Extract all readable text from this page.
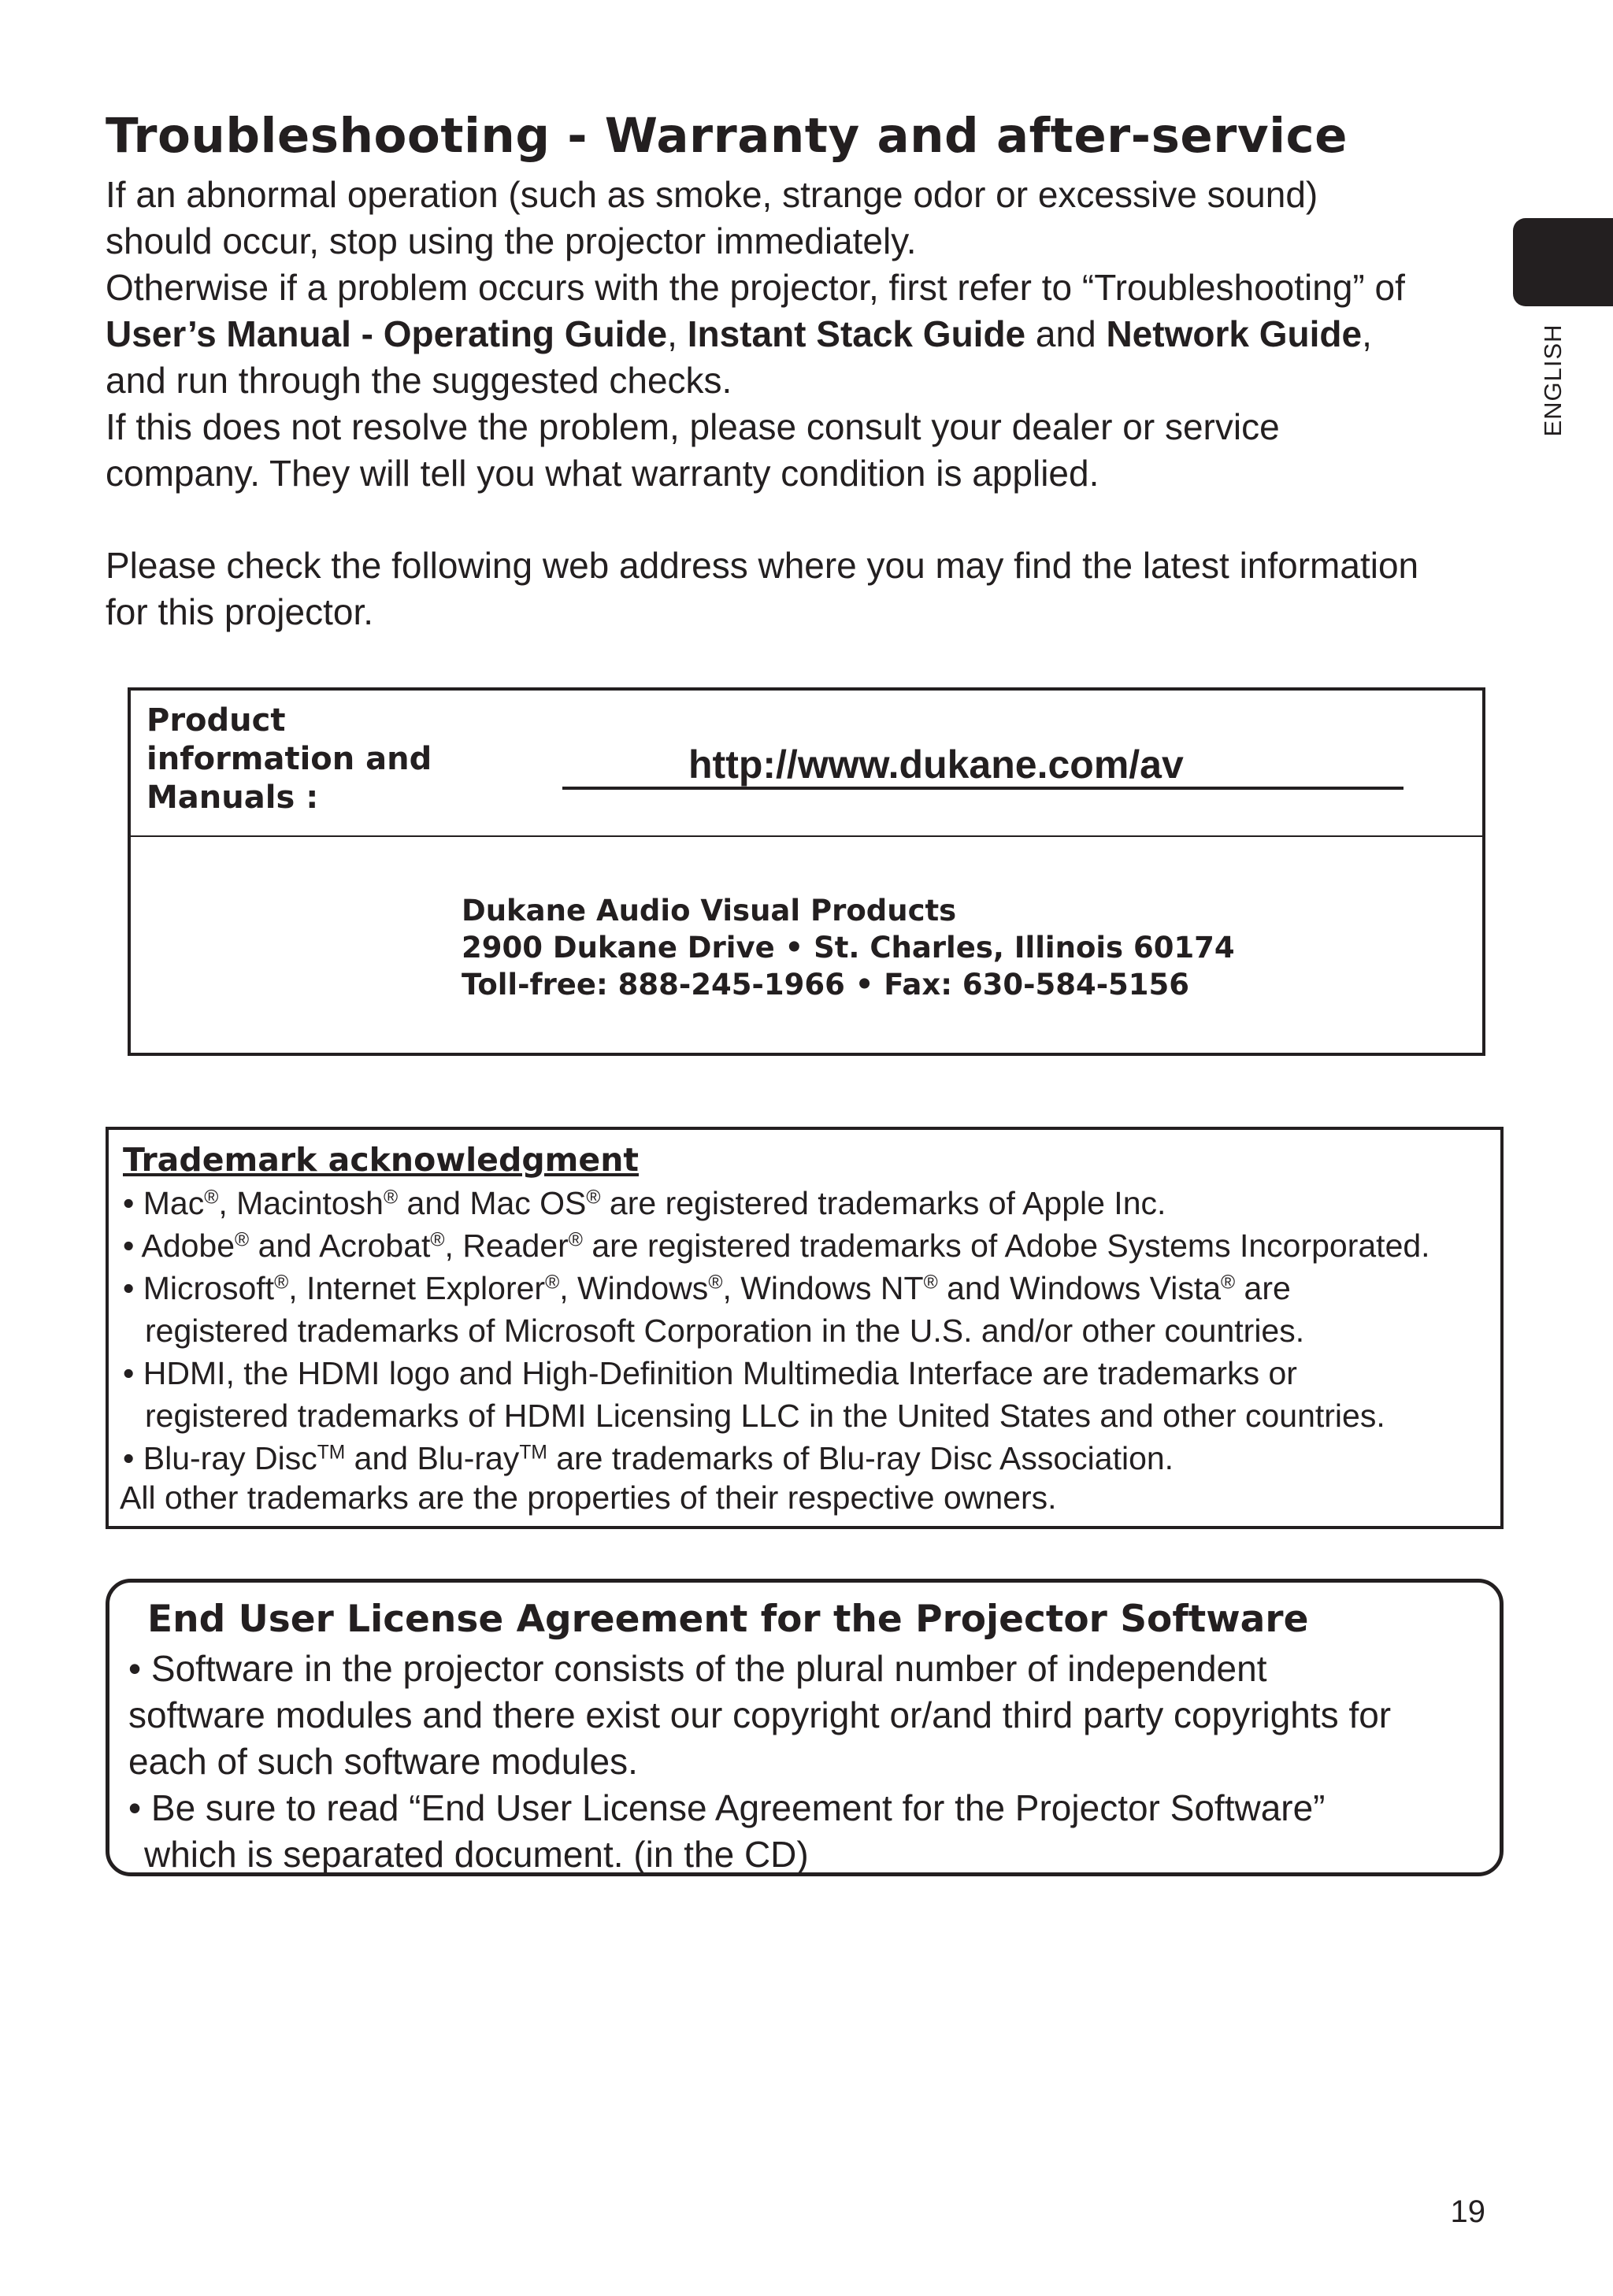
ENGLISH
Troubleshooting - Warranty and after-service

If an abnormal operation (such as smoke, strange odor or excessive sound)

should occur, stop using the projector immediately.

Otherwise if a problem occurs with the projector, first refer to “Troubleshooting” of

User’s Manual - Operating Guide, Instant Stack Guide and Network Guide,

and run through the suggested checks.

If this does not resolve the problem, please consult your dealer or service

company. They will tell you what warranty condition is applied.

Please check the following web address where you may find the latest information

for this projector.

Product
information and
Manuals :
http://www.dukane.com/av
Dukane Audio Visual Products
2900 Dukane Drive • St. Charles, Illinois 60174
Toll-free: 888-245-1966 • Fax: 630-584-5156
Trademark acknowledgment
• Mac®, Macintosh® and Mac OS® are registered trademarks of Apple Inc.
• Adobe® and Acrobat®, Reader® are registered trademarks of Adobe Systems Incorporated.
• Microsoft®, Internet Explorer®, Windows®, Windows NT® and Windows Vista® are
registered trademarks of Microsoft Corporation in the U.S. and/or other countries.
• HDMI, the HDMI logo and High-Definition Multimedia Interface are trademarks or
registered trademarks of HDMI Licensing LLC in the United States and other countries.
• Blu-ray Disc™ and Blu-ray™ are trademarks of Blu-ray Disc Association.
All other trademarks are the properties of their respective owners.
End User License Agreement for the Projector Software
• Software in the projector consists of the plural number of independent
software modules and there exist our copyright or/and third party copyrights for
each of such software modules.
• Be sure to read “End User License Agreement for the Projector Software”
which is separated document. (in the CD)
19
